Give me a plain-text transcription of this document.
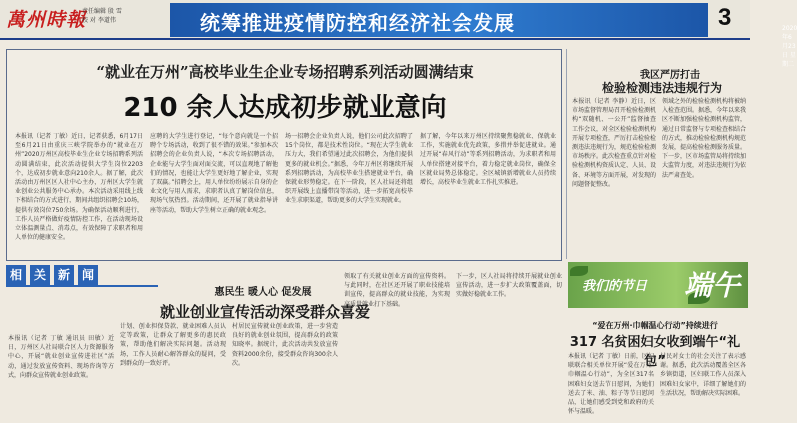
萬州時報
责任编辑 殷 雪
校 对 李道伟	统筹推进疫情防控和经济社会发展	2020年6月23日 星期二
3
“就业在万州”高校毕业生企业专场招聘系列活动圆满结束
210 余人达成初步就业意向
本报讯（记者 丁敏）近日，记者获悉，6月17日至6月21日由重庆三峡学院举办的“就业在万州”2020万州区高校毕业生企业专场招聘系列活动圆满结束，此次活动提供大学生岗位2203个，达成初步就业意向210余人。据了解，此次活动由万州区区人社中心主办，万州区大学生就业创业公共服务中心承办。本次活动采用线上线下相结合的方式进行，期间共组织招聘会10场，提供有效岗位750余场。为确保活动顺利进行，工作人员严格做好疫情防控工作，在活动现场设立体温测量点、消毒点，有效保障了求职者和用人单位的健康安全。
应聘的大学生进行登记，“每个意向就是一个招聘个专场活动，收到了很不错的效果。”参加本次招聘会的企业负责人说，“本次专场招聘活动，企业能与大学生面对面交流，可以直观地了解他们的情况，也能让大学生更好地了解企业，实现了双赢。”招聘会上，用人单位纷纷展示自身的企业文化与用人需求，求职者认真了解岗位信息，现场气氛热烈。活动期间，还开展了就业指导讲座等活动，帮助大学生树立正确的就业观念。
场一招聘会企业负责人说，他们公司此次招聘了15个岗位，都是技术性岗位。“现在大学生就业压力大，我们希望通过此次招聘会，为他们提供更多的就业机会。”据悉，今年万州区将继续开展系列招聘活动，为高校毕业生搭建就业平台，确保就业形势稳定。在下一阶段，区人社局还将组织开展线上直播带岗等活动，进一步拓宽高校毕业生求职渠道，帮助更多的大学生实现就业。
据了解，今年以来万州区持续聚焦稳就业、保就业工作，实施就业优先政策，多措并举促进就业。通过开展“春风行动”等系列招聘活动，为求职者和用人单位搭建对接平台，着力稳定就业岗位，确保全区就业局势总体稳定。全区城镇新增就业人员持续增长，高校毕业生就业工作扎实推进。
我区严厉打击
检验检测违法违规行为
本报讯（记者 李静）近日，区市场监督管理局召开检验检测机构“双随机、一公开”监督抽查工作会议，对全区检验检测机构开展专项检查，严厉打击检验检测违法违规行为，规范检验检测市场秩序。此次检查重点针对检验检测机构资质认定、人员、设备、环境等方面开展，对发现的问题督促整改。
领域之外的检验检测机构将被纳入检查范围。据悉，今年以来我区不断加强检验检测机构监管，通过日常监督与专项检查相结合的方式，推动检验检测机构规范发展，提高检验检测服务质量。下一步，区市场监管局将持续加大监管力度，对违法违规行为依法严肃查处。
我们的节日 端午
“爱在万州·巾帼温心行动”持续进行
317 名贫困妇女收到端午“礼包”
本报讯（记者 丁敏）日前，区妇联联合相关单位开展“爱在万州·巾帼温心行动”，为全区317名困难妇女送去节日慰问，为她们送去了米、油、粽子等节日慰问品，让她们感受到党和政府的关怀与温暖。
村民对女士的社会关注了表示感谢。据悉，此次活动覆盖全区各乡镇街道，区妇联工作人员深入困难妇女家中，详细了解她们的生活状况，帮助解决实际困难。
相 关 新 闻
惠民生 暖人心 促发展
就业创业宣传活动深受群众喜爱
本报讯（记者 丁敏 通讯员 田敏）近日，万州区人社局联合区人力资源服务中心，开展“就业创业宣传进社区”活动，通过发放宣传资料、现场咨询等方式，向群众宣传就业创业政策。
计划、创业担保贷款、就业困难人员认定等政策，让群众了解更多的惠民政策，帮助他们解决实际问题。活动现场，工作人员耐心解答群众的疑问，受到群众的一致好评。
村居民宣传就业创业政策，进一步营造良好的就业创业氛围，提高群众的政策知晓率。据统计，此次活动共发放宣传资料2000余份，接受群众咨询300余人次。
领取了有关就业创业方面的宣传资料。与此同时，在社区还开展了职业技能培训宣传，提高群众的就业技能，为实现高质量就业打下基础。
下一步，区人社局将持续开展就业创业宣传活动，进一步扩大政策覆盖面，切实做好稳就业工作。
